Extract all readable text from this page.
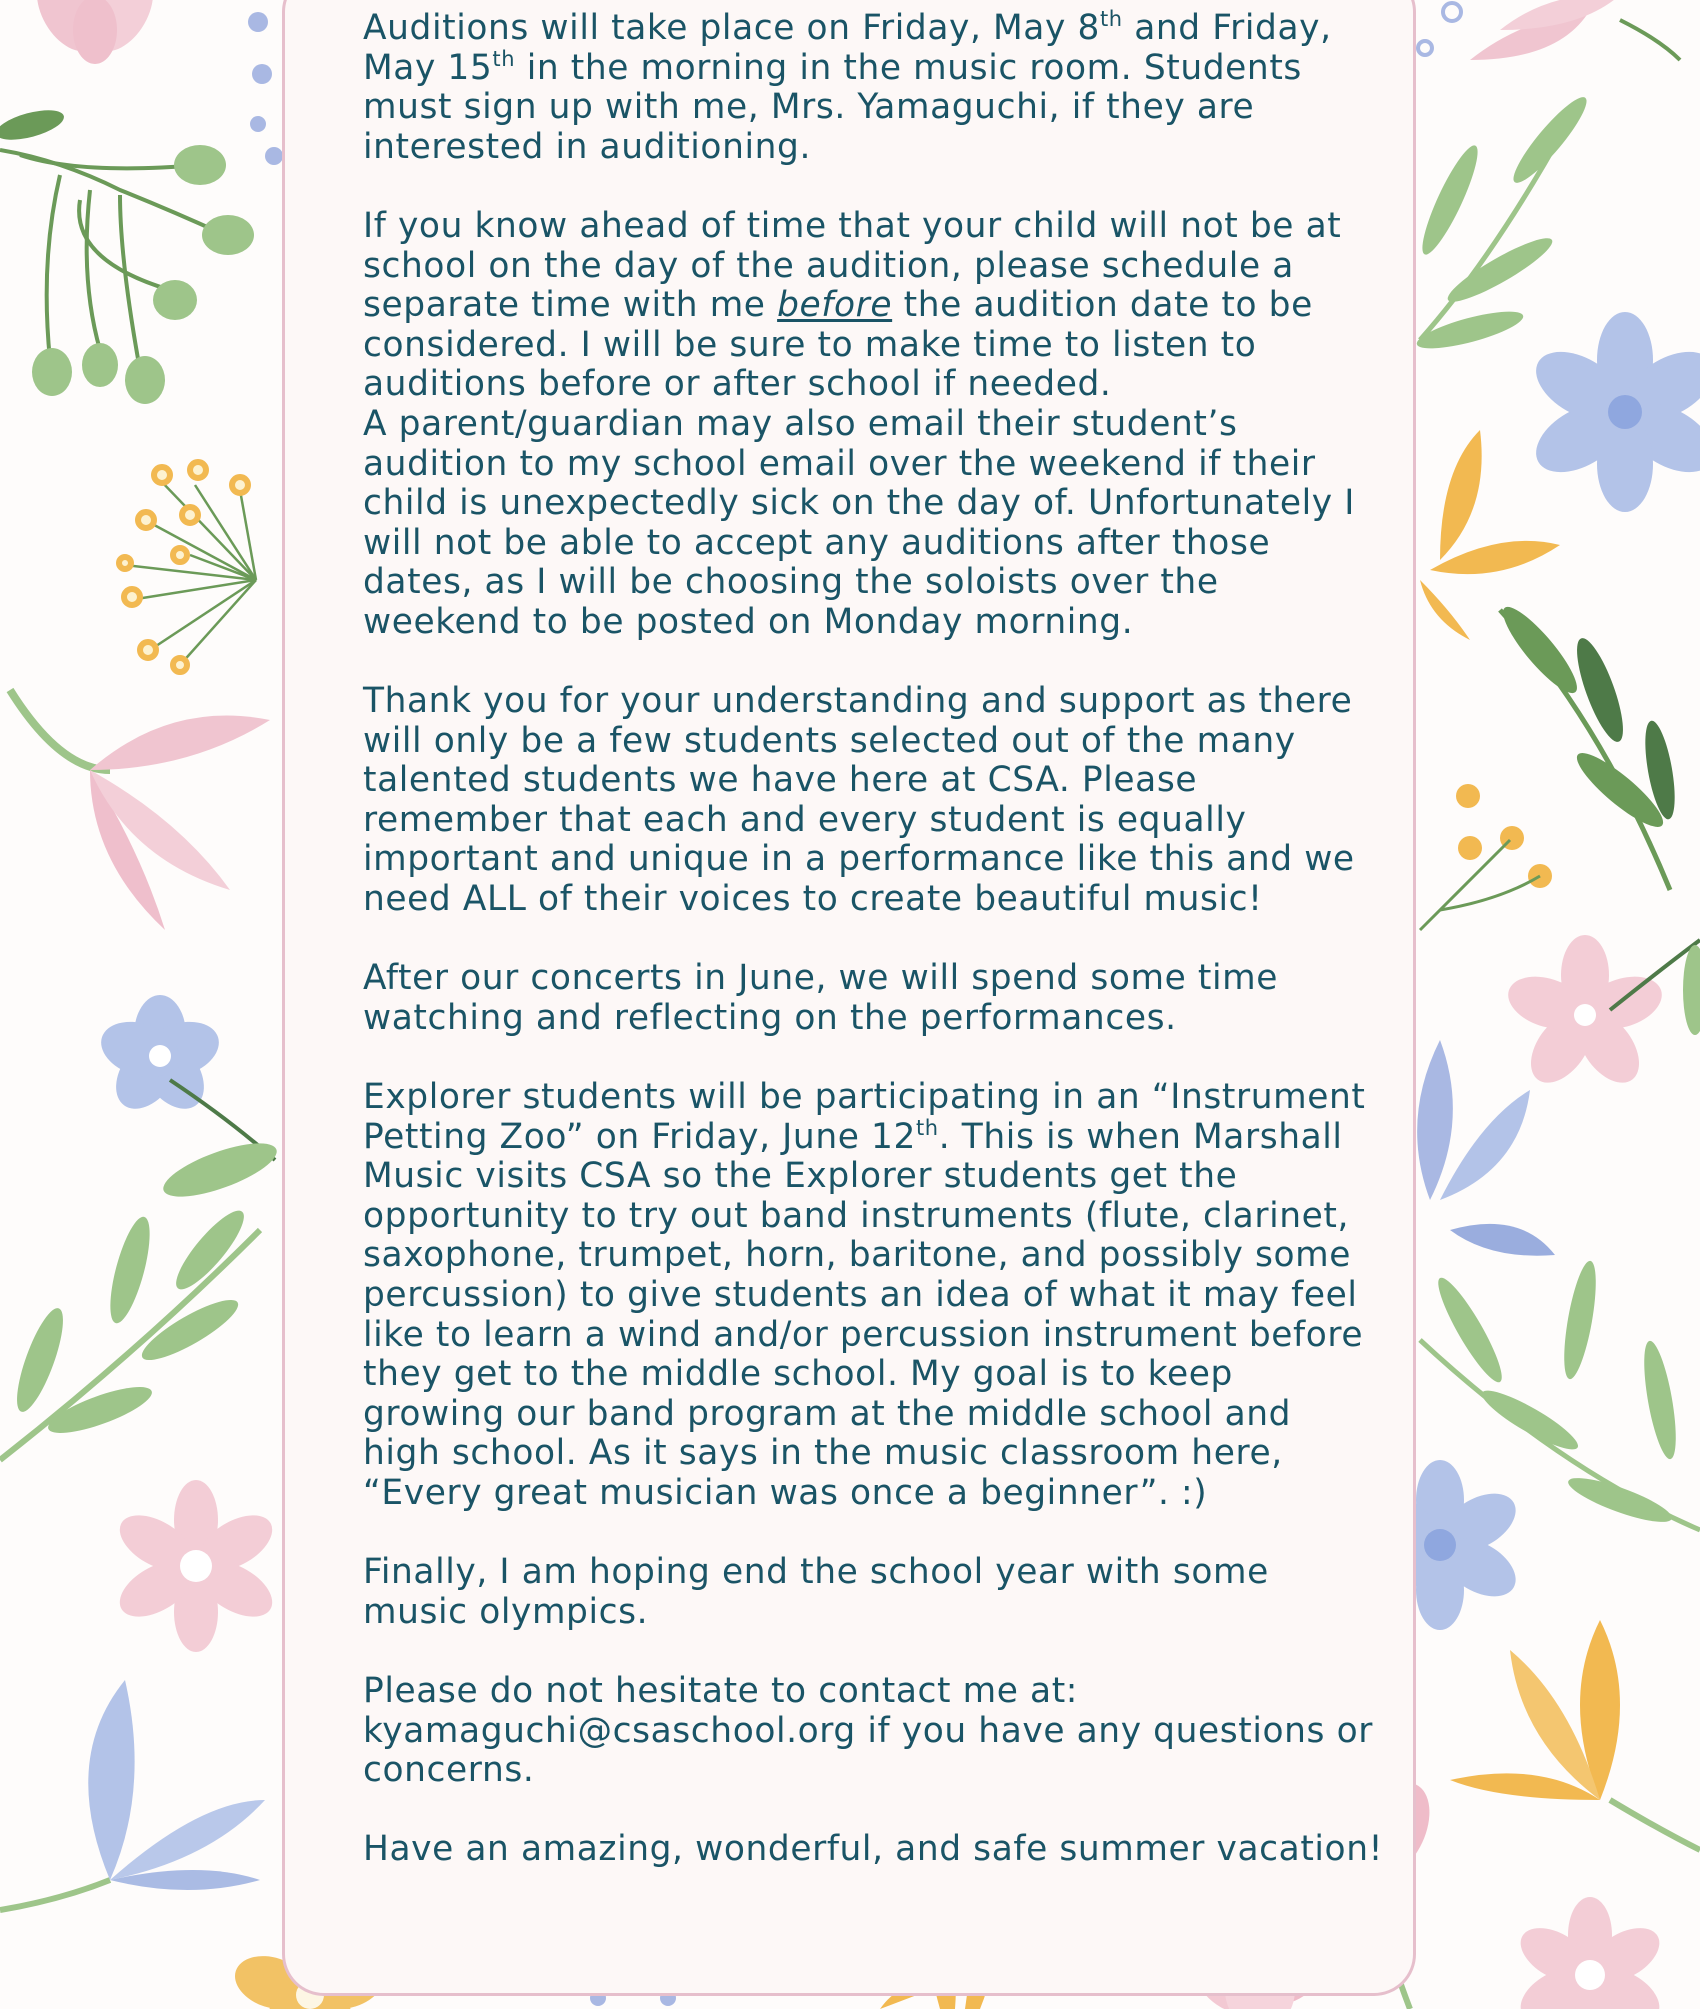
Auditions will take place on Friday, May 8th and Friday,
May 15th in the morning in the music room. Students
must sign up with me, Mrs. Yamaguchi, if they are
interested in auditioning.
If you know ahead of time that your child will not be at
school on the day of the audition, please schedule a
separate time with me before the audition date to be
considered. I will be sure to make time to listen to
auditions before or after school if needed.
A parent/guardian may also email their student’s
audition to my school email over the weekend if their
child is unexpectedly sick on the day of. Unfortunately I
will not be able to accept any auditions after those
dates, as I will be choosing the soloists over the
weekend to be posted on Monday morning.
Thank you for your understanding and support as there
will only be a few students selected out of the many
talented students we have here at CSA. Please
remember that each and every student is equally
important and unique in a performance like this and we
need ALL of their voices to create beautiful music!
After our concerts in June, we will spend some time
watching and reflecting on the performances.
Explorer students will be participating in an “Instrument
Petting Zoo” on Friday, June 12th. This is when Marshall
Music visits CSA so the Explorer students get the
opportunity to try out band instruments (flute, clarinet,
saxophone, trumpet, horn, baritone, and possibly some
percussion) to give students an idea of what it may feel
like to learn a wind and/or percussion instrument before
they get to the middle school. My goal is to keep
growing our band program at the middle school and
high school. As it says in the music classroom here,
“Every great musician was once a beginner”. :)
Finally, I am hoping end the school year with some
music olympics.
Please do not hesitate to contact me at:
kyamaguchi@csaschool.org if you have any questions or
concerns.
Have an amazing, wonderful, and safe summer vacation!
